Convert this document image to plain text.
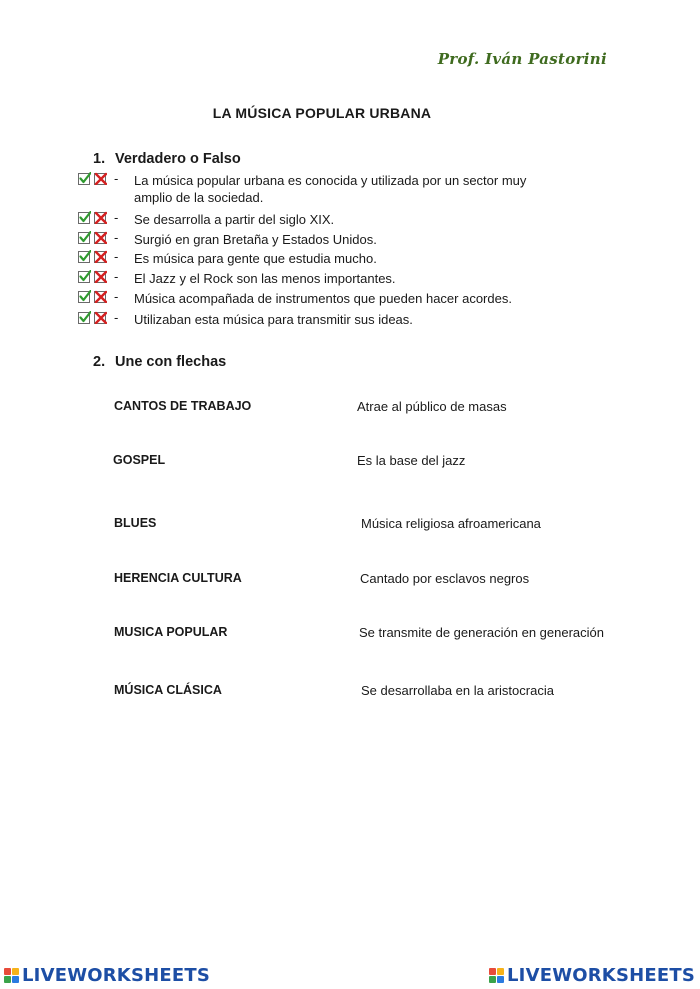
Prof. Iván Pastorini
LA MÚSICA POPULAR URBANA
1. Verdadero o Falso
- La música popular urbana es conocida y utilizada por un sector muy
- Se desarrolla a partir del siglo XIX.
- Surgió en gran Bretaña y Estados Unidos.
- Es música para gente que estudia mucho.
- El Jazz y el Rock son las menos importantes.
- Música acompañada de instrumentos que pueden hacer acordes.
- Utilizaban esta música para transmitir sus ideas.
amplio de la sociedad.
2. Une con flechas
CANTOS DE TRABAJO
GOSPEL
BLUES
HERENCIA CULTURA
MUSICA POPULAR
MÚSICA CLÁSICA
Atrae al público de masas
Es la base del jazz
Música religiosa afroamericana
Cantado por esclavos negros
Se transmite de generación en generación
Se desarrollaba en la aristocracia
LIVEWORKSHEETS	LIVEWORKSHEETS
